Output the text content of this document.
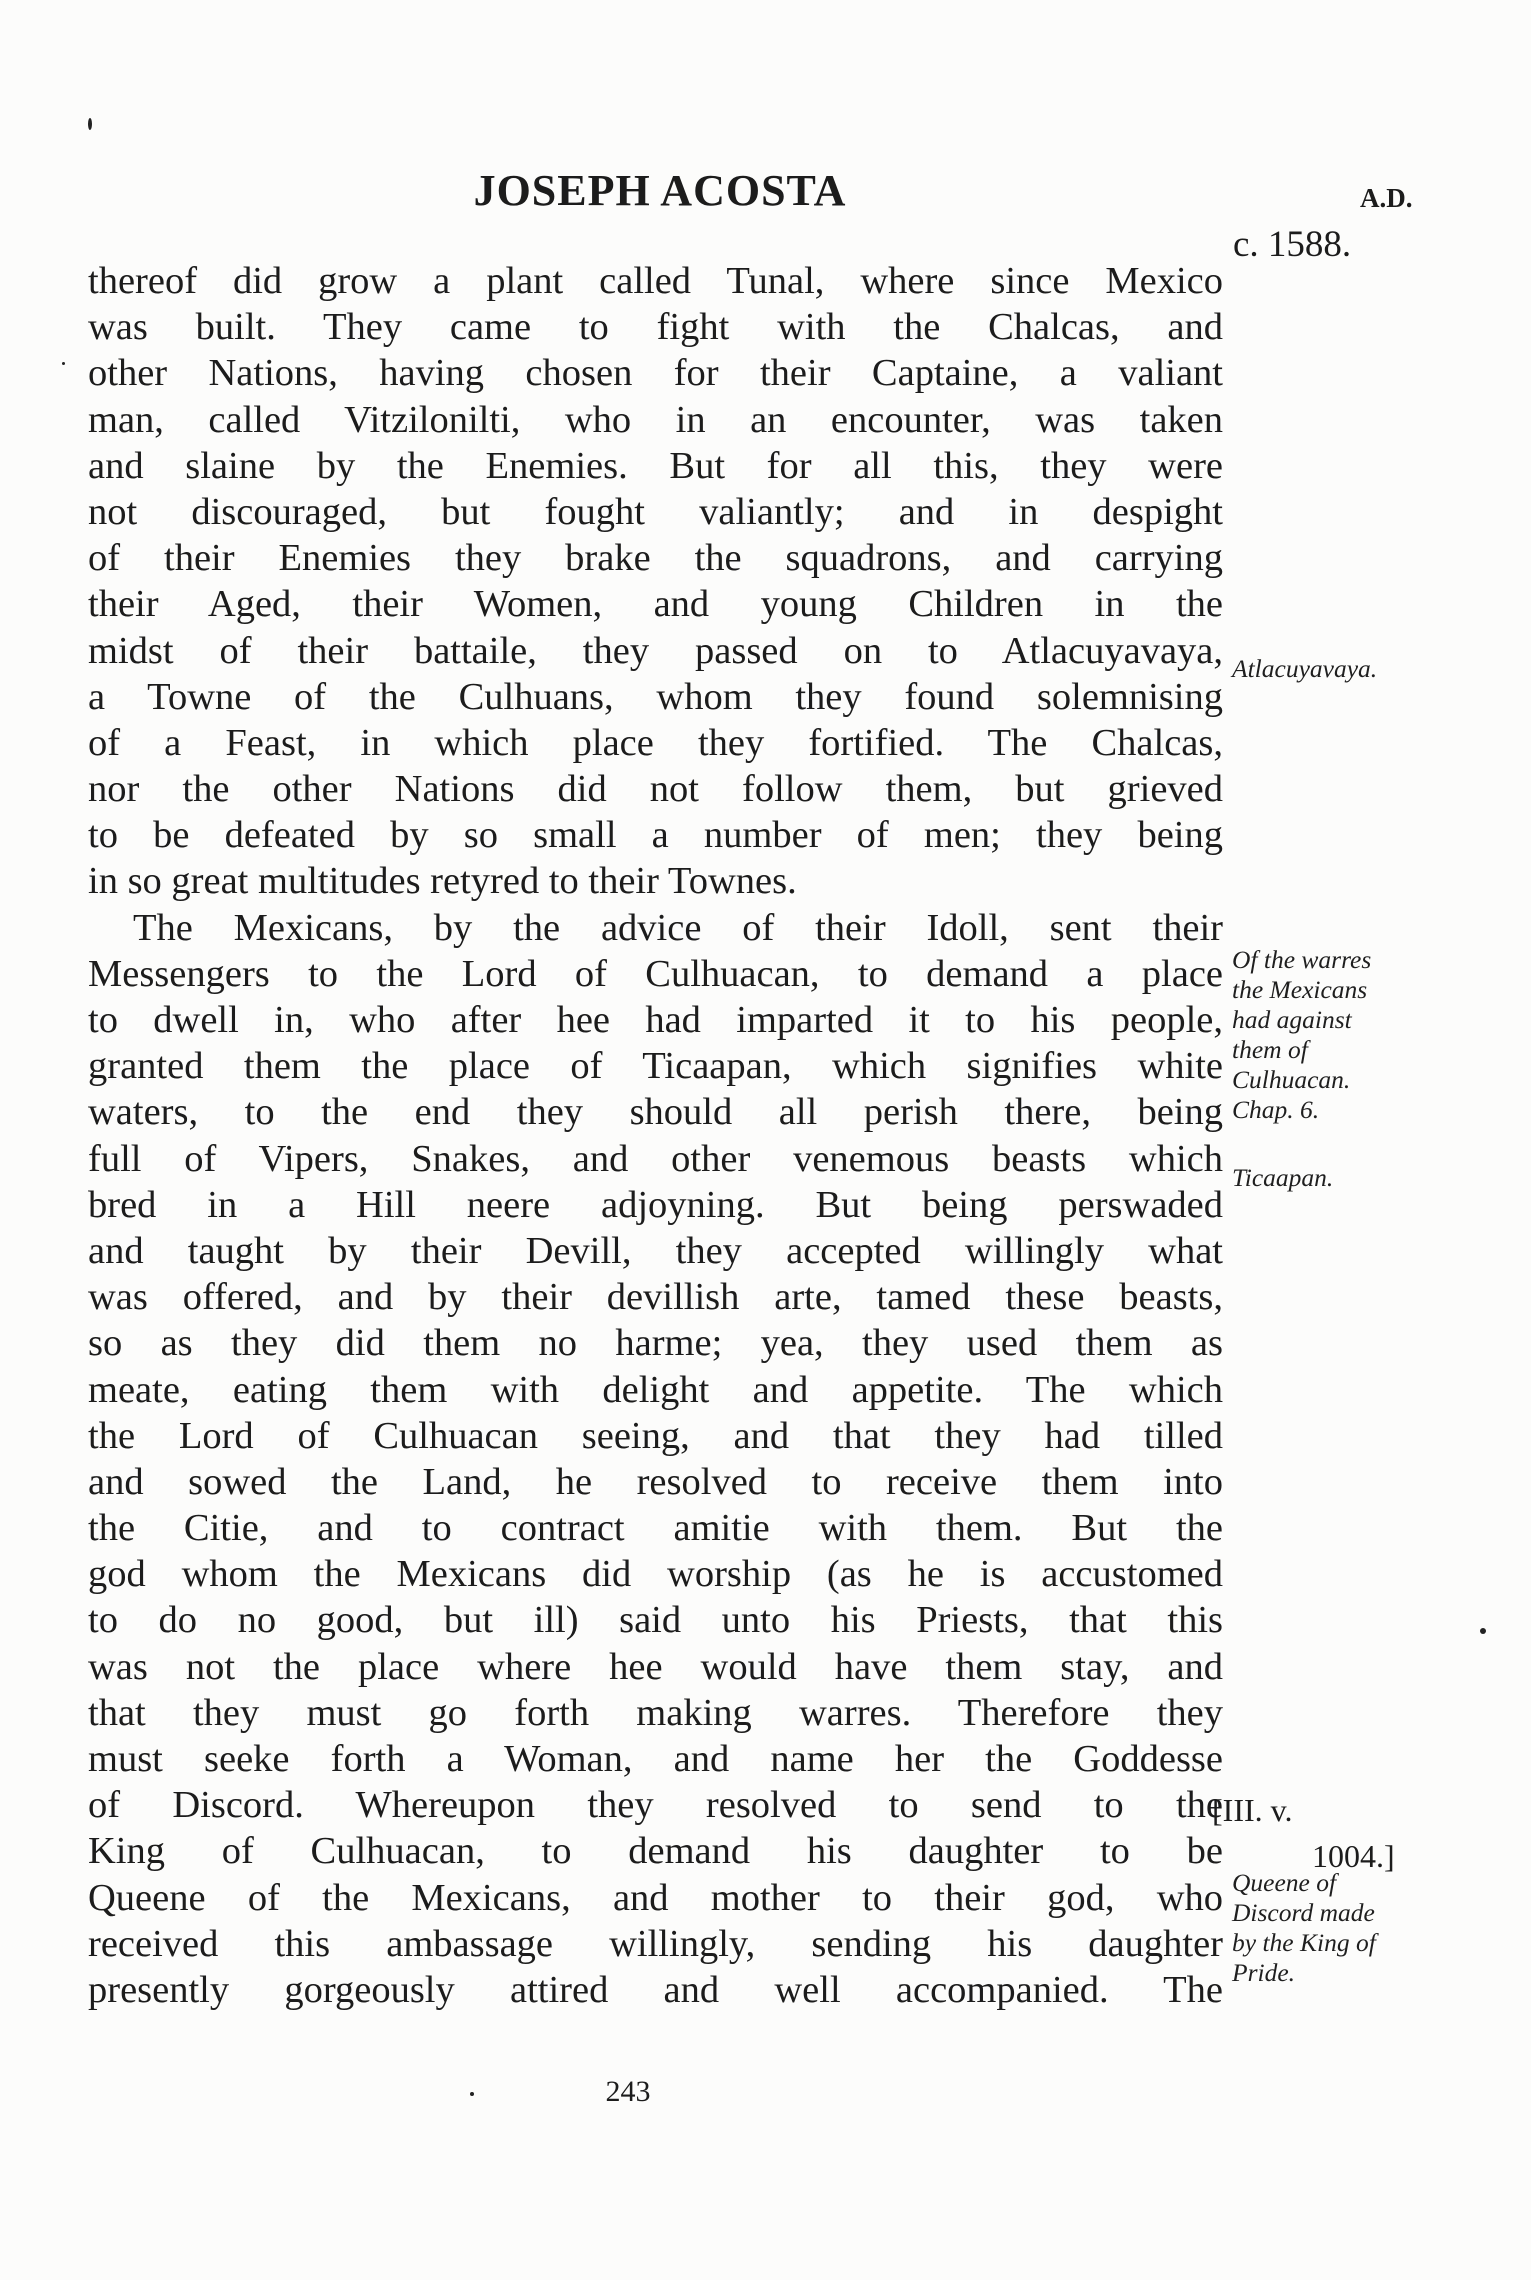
JOSEPH ACOSTA	A.D.
c. 1588.
thereof did grow a plant called Tunal, where since Mexico
was built. They came to fight with the Chalcas, and
other Nations, having chosen for their Captaine, a valiant
man, called Vitzilonilti, who in an encounter, was taken
and slaine by the Enemies. But for all this, they were
not discouraged, but fought valiantly; and in despight
of their Enemies they brake the squadrons, and carrying
their Aged, their Women, and young Children in the
midst of their battaile, they passed on to Atlacuyavaya,
a Towne of the Culhuans, whom they found solemnising
of a Feast, in which place they fortified. The Chalcas,
nor the other Nations did not follow them, but grieved
to be defeated by so small a number of men; they being
in so great multitudes retyred to their Townes.
The Mexicans, by the advice of their Idoll, sent their
Messengers to the Lord of Culhuacan, to demand a place
to dwell in, who after hee had imparted it to his people,
granted them the place of Ticaapan, which signifies white
waters, to the end they should all perish there, being
full of Vipers, Snakes, and other venemous beasts which
bred in a Hill neere adjoyning. But being perswaded
and taught by their Devill, they accepted willingly what
was offered, and by their devillish arte, tamed these beasts,
so as they did them no harme; yea, they used them as
meate, eating them with delight and appetite. The which
the Lord of Culhuacan seeing, and that they had tilled
and sowed the Land, he resolved to receive them into
the Citie, and to contract amitie with them. But the
god whom the Mexicans did worship (as he is accustomed
to do no good, but ill) said unto his Priests, that this
was not the place where hee would have them stay, and
that they must go forth making warres. Therefore they
must seeke forth a Woman, and name her the Goddesse
of Discord. Whereupon they resolved to send to the
King of Culhuacan, to demand his daughter to be
Queene of the Mexicans, and mother to their god, who
received this ambassage willingly, sending his daughter
presently gorgeously attired and well accompanied. The
Atlacuyavaya.
Of the warres
the Mexicans
had against
them of
Culhuacan.
Chap. 6.
Ticaapan.
[III. v.
1004.]
Queene of
Discord made
by the King of
Pride.
243
